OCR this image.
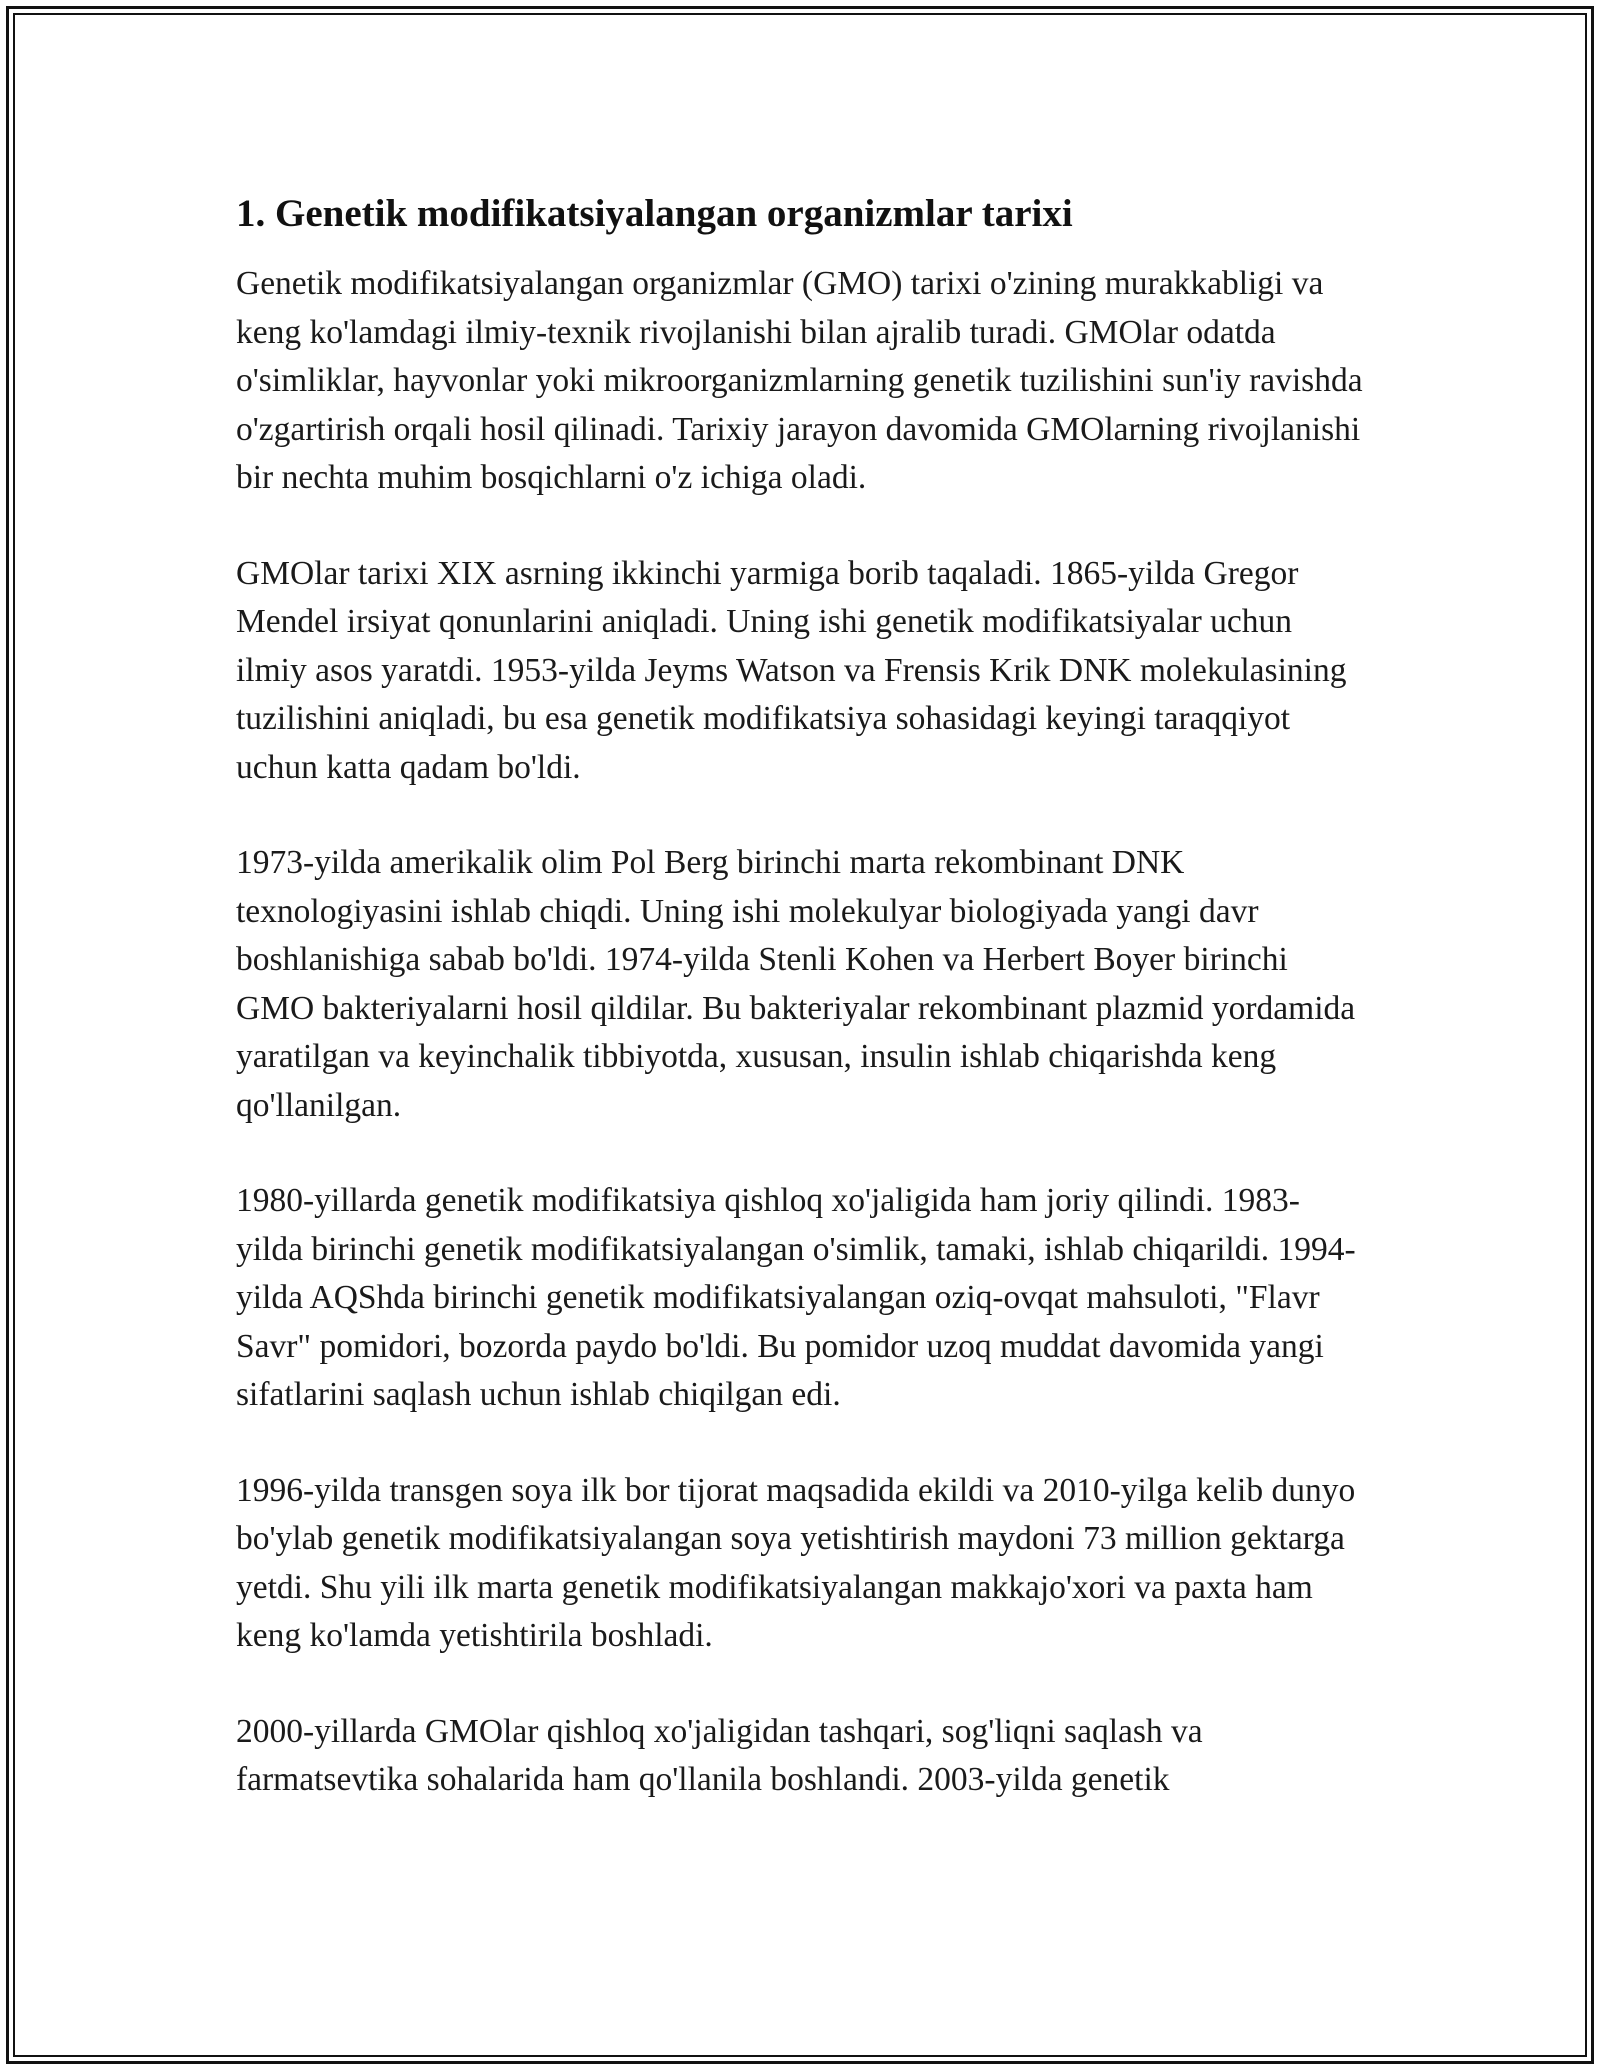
1. Genetik modifikatsiyalangan organizmlar tarixi

Genetik modifikatsiyalangan organizmlar (GMO) tarixi o'zining murakkabligi va keng ko'lamdagi ilmiy-texnik rivojlanishi bilan ajralib turadi. GMOlar odatda o'simliklar, hayvonlar yoki mikroorganizmlarning genetik tuzilishini sun'iy ravishda o'zgartirish orqali hosil qilinadi. Tarixiy jarayon davomida GMOlarning rivojlanishi bir nechta muhim bosqichlarni o'z ichiga oladi.

GMOlar tarixi XIX asrning ikkinchi yarmiga borib taqaladi. 1865-yilda Gregor Mendel irsiyat qonunlarini aniqladi. Uning ishi genetik modifikatsiyalar uchun ilmiy asos yaratdi. 1953-yilda Jeyms Watson va Frensis Krik DNK molekulasining tuzilishini aniqladi, bu esa genetik modifikatsiya sohasidagi keyingi taraqqiyot uchun katta qadam bo'ldi.

1973-yilda amerikalik olim Pol Berg birinchi marta rekombinant DNK texnologiyasini ishlab chiqdi. Uning ishi molekulyar biologiyada yangi davr boshlanishiga sabab bo'ldi. 1974-yilda Stenli Kohen va Herbert Boyer birinchi GMO bakteriyalarni hosil qildilar. Bu bakteriyalar rekombinant plazmid yordamida yaratilgan va keyinchalik tibbiyotda, xususan, insulin ishlab chiqarishda keng qo'llanilgan.

1980-yillarda genetik modifikatsiya qishloq xo'jaligida ham joriy qilindi. 1983-yilda birinchi genetik modifikatsiyalangan o'simlik, tamaki, ishlab chiqarildi. 1994-yilda AQShda birinchi genetik modifikatsiyalangan oziq-ovqat mahsuloti, "Flavr Savr" pomidori, bozorda paydo bo'ldi. Bu pomidor uzoq muddat davomida yangi sifatlarini saqlash uchun ishlab chiqilgan edi.

1996-yilda transgen soya ilk bor tijorat maqsadida ekildi va 2010-yilga kelib dunyo bo'ylab genetik modifikatsiyalangan soya yetishtirish maydoni 73 million gektarga yetdi. Shu yili ilk marta genetik modifikatsiyalangan makkajo'xori va paxta ham keng ko'lamda yetishtirila boshladi.

2000-yillarda GMOlar qishloq xo'jaligidan tashqari, sog'liqni saqlash va farmatsevtika sohalarida ham qo'llanila boshlandi. 2003-yilda genetik
